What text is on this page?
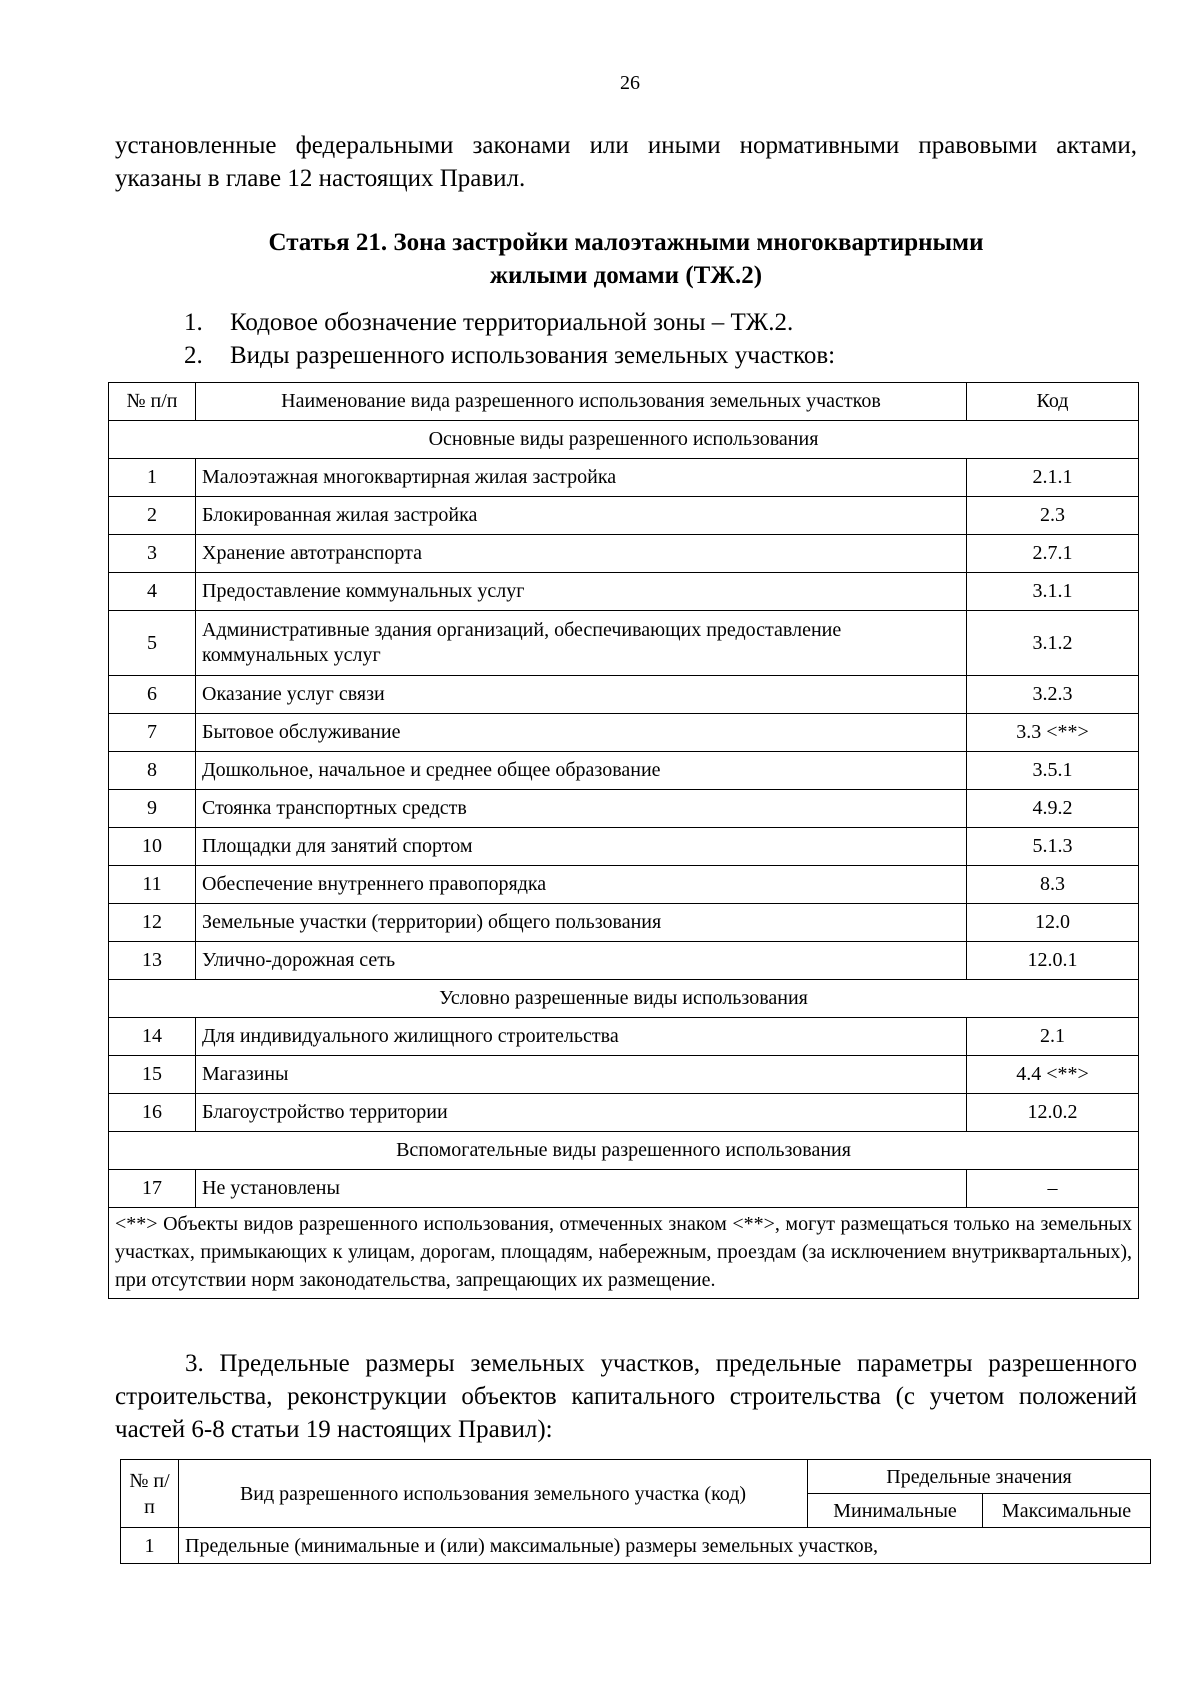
26
установленные федеральными законами или иными нормативными правовыми актами, указаны в главе 12 настоящих Правил.
Статья 21. Зона застройки малоэтажными многоквартирными
жилыми домами (ТЖ.2)
1. Кодовое обозначение территориальной зоны – ТЖ.2.
2. Виды разрешенного использования земельных участков:
№ п/п	Наименование вида разрешенного использования земельных участков	Код
Основные виды разрешенного использования		
1	Малоэтажная многоквартирная жилая застройка	2.1.1
2	Блокированная жилая застройка	2.3
3	Хранение автотранспорта	2.7.1
4	Предоставление коммунальных услуг	3.1.1
5	Административные здания организаций, обеспечивающих предоставление коммунальных услуг	3.1.2
6	Оказание услуг связи	3.2.3
7	Бытовое обслуживание	3.3 <**>
8	Дошкольное, начальное и среднее общее образование	3.5.1
9	Стоянка транспортных средств	4.9.2
10	Площадки для занятий спортом	5.1.3
11	Обеспечение внутреннего правопорядка	8.3
12	Земельные участки (территории) общего пользования	12.0
13	Улично-дорожная сеть	12.0.1
Условно разрешенные виды использования		
14	Для индивидуального жилищного строительства	2.1
15	Магазины	4.4 <**>
16	Благоустройство территории	12.0.2
Вспомогательные виды разрешенного использования		
17	Не установлены	–
<**> Объекты видов разрешенного использования, отмеченных знаком <**>, могут размещаться только на земельных участках, примыкающих к улицам, дорогам, площадям, набережным, проездам (за исключением внутриквартальных), при отсутствии норм законодательства, запрещающих их размещение.		
3. Предельные размеры земельных участков, предельные параметры разрешенного строительства, реконструкции объектов капитального строительства (с учетом положений частей 6-8 статьи 19 настоящих Правил):
№ п/п	Вид разрешенного использования земельного участка (код)	Предельные значения	
		Минимальные	Максимальные
1	Предельные (минимальные и (или) максимальные) размеры земельных участков,		
